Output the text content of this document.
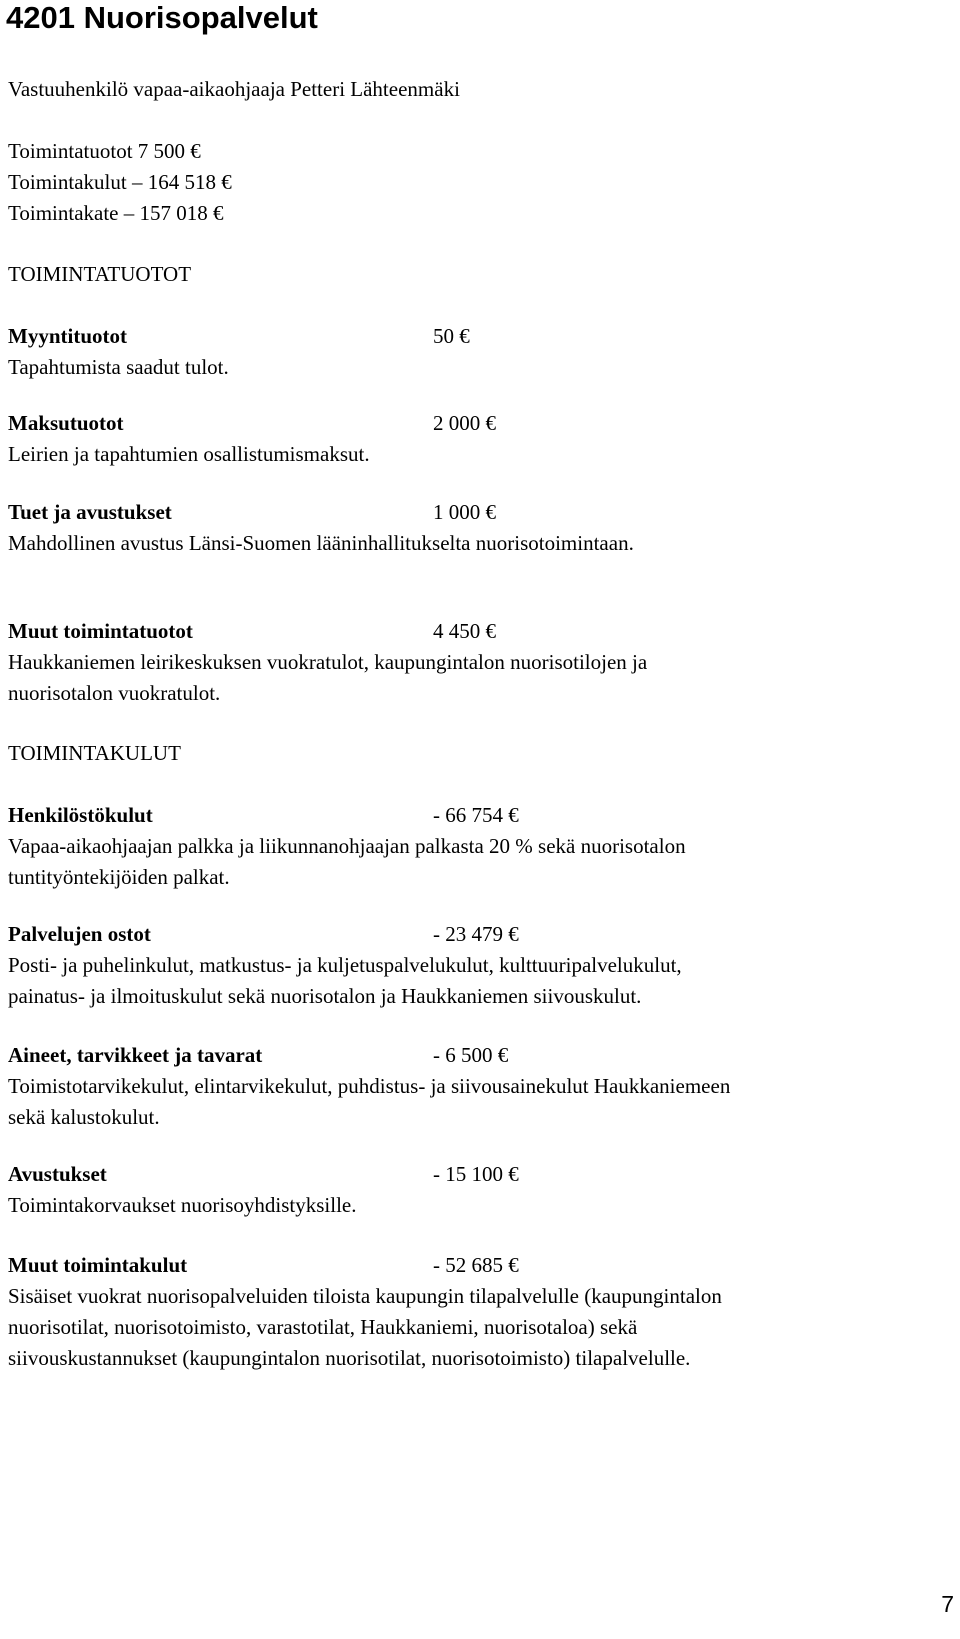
4201 Nuorisopalvelut
Vastuuhenkilö vapaa-aikaohjaaja Petteri Lähteenmäki
Toimintatuotot 7 500 €
Toimintakulut – 164 518 €
Toimintakate – 157 018 €
TOIMINTATUOTOT
Myyntituotot	50 €
Tapahtumista saadut tulot.
Maksutuotot	2 000 €
Leirien ja tapahtumien osallistumismaksut.
Tuet ja avustukset	1 000 €
Mahdollinen avustus Länsi-Suomen lääninhallitukselta nuorisotoimintaan.
Muut toimintatuotot	4 450 €
Haukkaniemen leirikeskuksen vuokratulot, kaupungintalon nuorisotilojen ja
nuorisotalon vuokratulot.
TOIMINTAKULUT
Henkilöstökulut	- 66 754 €
Vapaa-aikaohjaajan palkka ja liikunnanohjaajan palkasta 20 % sekä nuorisotalon
tuntityöntekijöiden palkat.
Palvelujen ostot	- 23 479 €
Posti- ja puhelinkulut, matkustus- ja kuljetuspalvelukulut, kulttuuripalvelukulut,
painatus- ja ilmoituskulut sekä nuorisotalon ja Haukkaniemen siivouskulut.
Aineet, tarvikkeet ja tavarat	- 6 500 €
Toimistotarvikekulut, elintarvikekulut, puhdistus- ja siivousainekulut Haukkaniemeen
sekä kalustokulut.
Avustukset	- 15 100 €
Toimintakorvaukset nuorisoyhdistyksille.
Muut toimintakulut	- 52 685 €
Sisäiset vuokrat nuorisopalveluiden tiloista kaupungin tilapalvelulle (kaupungintalon
nuorisotilat, nuorisotoimisto, varastotilat, Haukkaniemi, nuorisotaloa) sekä
siivouskustannukset (kaupungintalon nuorisotilat, nuorisotoimisto) tilapalvelulle.
7
